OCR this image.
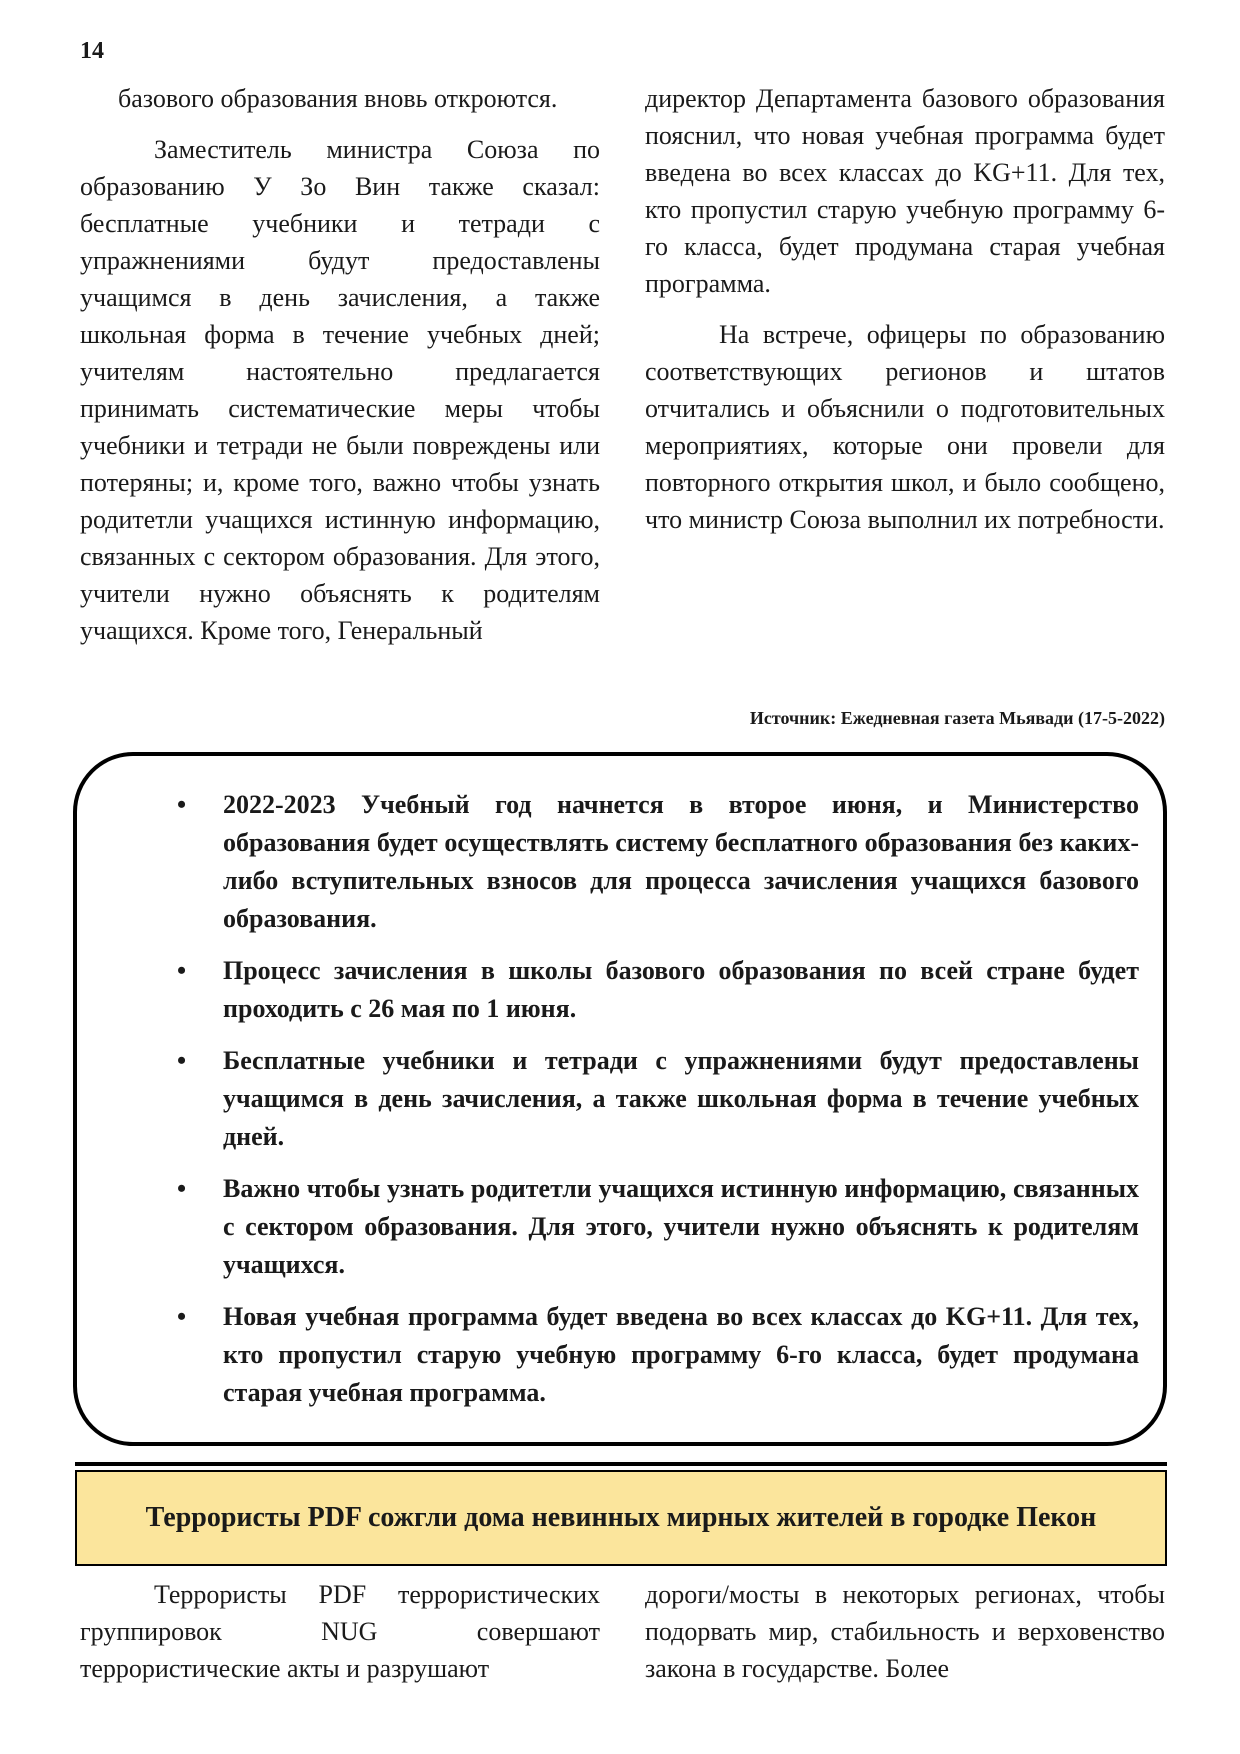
14

базового образования вновь откроются.

Заместитель министра Союза по образованию У Зо Вин также сказал: бесплатные учебники и тетради с упражнениями будут предоставлены учащимся в день зачисления, а также школьная форма в течение учебных дней; учителям настоятельно предлагается принимать систематические меры чтобы учебники и тетради не были повреждены или потеряны; и, кроме того, важно чтобы узнать родитетли учащихся истинную информацию, связанных с сектором образования. Для этого, учители нужно объяснять к родителям учащихся. Кроме того, Генеральный

директор Департамента базового образования пояснил, что новая учебная программа будет введена во всех классах до KG+11. Для тех, кто пропустил старую учебную программу 6-го класса, будет продумана старая учебная программа.

На встрече, офицеры по образованию соответствующих регионов и штатов отчитались и объяснили о подготовительных мероприятиях, которые они провели для повторного открытия школ, и было сообщено, что министр Союза выполнил их потребности.

Источник: Ежедневная газета Мьявади (17-5-2022)
• 2022-2023 Учебный год начнется в второе июня, и Министерство образования будет осуществлять систему бесплатного образования без каких-либо вступительных взносов для процесса зачисления учащихся базового образования.
• Процесс зачисления в школы базового образования по всей стране будет проходить с 26 мая по 1 июня.
• Бесплатные учебники и тетради с упражнениями будут предоставлены учащимся в день зачисления, а также школьная форма в течение учебных дней.
• Важно чтобы узнать родитетли учащихся истинную информацию, связанных с сектором образования. Для этого, учители нужно объяснять к родителям учащихся.
• Новая учебная программа будет введена во всех классах до KG+11. Для тех, кто пропустил старую учебную программу 6-го класса, будет продумана старая учебная программа.
Террористы PDF сожгли дома невинных мирных жителей в городке Пекон

Террористы PDF террористических группировок NUG совершают террористические акты и разрушают

дороги/мосты в некоторых регионах, чтобы подорвать мир, стабильность и верховенство закона в государстве. Более
